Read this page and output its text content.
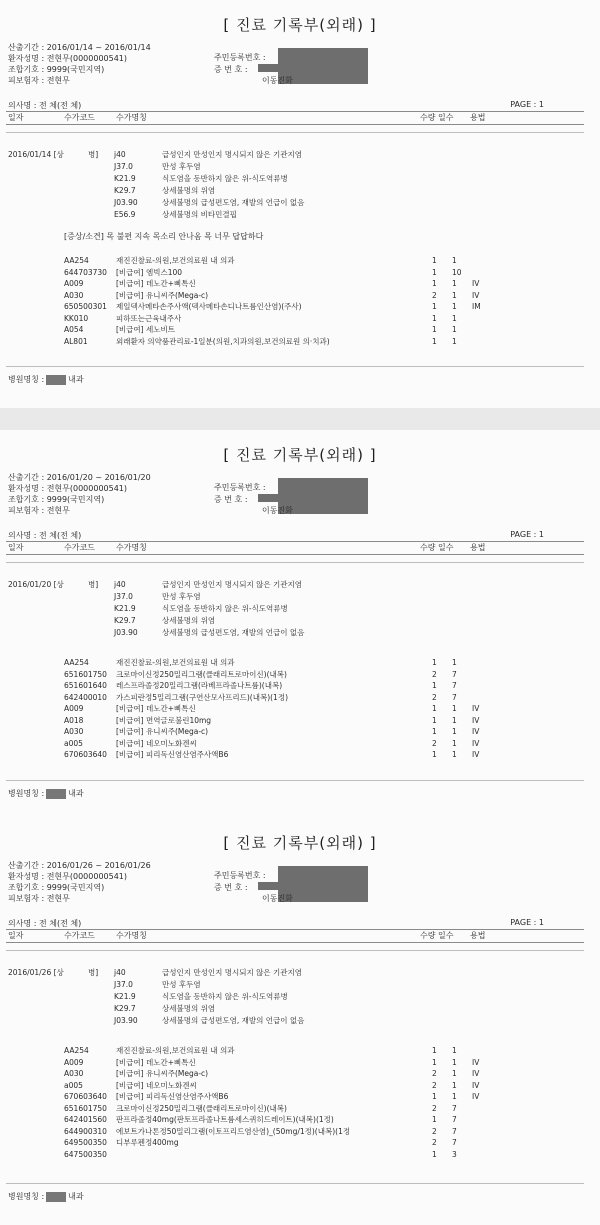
[ 진료 기록부(외래) ]
산출기간 : 2016/01/14 ~ 2016/01/14
환자성명 : 전현무(0000000541)
조합기호 : 9999(국민지역)
피보험자 : 전현무
주민등록번호 :
증 번 호 :
이동진화
의사명 : 전 체(전 체)	PAGE : 1
일자	수가코드	수가명칭	수량 일수 용법
2016/01/14 [상	병] j40	급성인지 만성인지 명시되지 않은 기관지염
J37.0	만성 후두염
K21.9	식도염을 동반하지 않은 위-식도역류병
K29.7	상세불명의 위염
J03.90	상세불명의 급성편도염, 재발의 언급이 없음
E56.9	상세불명의 비타민결핍
[증상/소견] 목 불편 지속 목소리 안나옴 목 너무 답답하다
AA254	재진진찰료-의원,보건의료원 내 의과	1 1
644703730 [비급여] 엠빅스100	1 10
A009	[비급여] 데노간+삐톡신	1 1 IV
A030	[비급여] 유니씨주(Mega-c)	2 1 IV
650500301 제일덱사메타손주사액(덱사메타손디나트륨인산염)(주사)	1 1 IM
KK010	피하또는근육내주사	1 1
A054	[비급여] 세노비트	1 1
AL801	외래환자 의약품관리료-1일분(의원,치과의원,보건의료원 의·치과)	1 1
병원명칭 :	내과
[ 진료 기록부(외래) ]
산출기간 : 2016/01/20 ~ 2016/01/20
환자성명 : 전현무(0000000541)
조합기호 : 9999(국민지역)
피보험자 : 전현무
주민등록번호 :
증 번 호 :
이동진화
의사명 : 전 체(전 체)	PAGE : 1
일자	수가코드	수가명칭	수량 일수 용법
2016/01/20 [상	병] j40	급성인지 만성인지 명시되지 않은 기관지염
J37.0	만성 후두염
K21.9	식도염을 동반하지 않은 위-식도역류병
K29.7	상세불명의 위염
J03.90	상세불명의 급성편도염, 재발의 언급이 없음
AA254	재진진찰료-의원,보건의료원 내 의과	1 1
651601750 크로마이신정250밀리그램(클래리트로마이신)(내복)	2 7
651601640 레스프라졸정20밀리그램(라베프라졸나트륨)(내복)	1 7
642400010 가스피란정5밀리그램(구연산모사프리드)(내복)(1정)	2 7
A009	[비급여] 데노간+삐톡신	1 1 IV
A018	[비급여] 면역글로불린10mg	1 1 IV
A030	[비급여] 유니씨주(Mega-c)	1 1 IV
a005	[비급여] 네오미노화겐씨	2 1 IV
670603640 [비급여] 피리독신염산염주사액B6	1 1 IV
병원명칭 :	내과
[ 진료 기록부(외래) ]
산출기간 : 2016/01/26 ~ 2016/01/26
환자성명 : 전현무(0000000541)
조합기호 : 9999(국민지역)
피보험자 : 전현무
주민등록번호 :
증 번 호 :
이동진화
의사명 : 전 체(전 체)	PAGE : 1
일자	수가코드	수가명칭	수량 일수 용법
2016/01/26 [상	병] j40	급성인지 만성인지 명시되지 않은 기관지염
J37.0	만성 후두염
K21.9	식도염을 동반하지 않은 위-식도역류병
K29.7	상세불명의 위염
J03.90	상세불명의 급성편도염, 재발의 언급이 없음
AA254	재진진찰료-의원,보건의료원 내 의과	1 1
A009	[비급여] 데노간+삐톡신	1 1 IV
A030	[비급여] 유니씨주(Mega-c)	2 1 IV
a005	[비급여] 네오미노화겐씨	2 1 IV
670603640 [비급여] 피리독신염산염주사액B6	1 1 IV
651601750 크로마이신정250밀리그램(클래리트로마이신)(내복)	2 7
642401560 판프라졸정40mg(판토프라졸나트륨세스퀴히드레이트)(내복)(1정)	1 7
644900310 에보트가나톤정50밀리그램(이토프리드염산염)_(50mg/1정)(내복)(1정	2 7
649500350 디부루펜정400mg	2 7
647500350	1 3
병원명칭 :	내과
